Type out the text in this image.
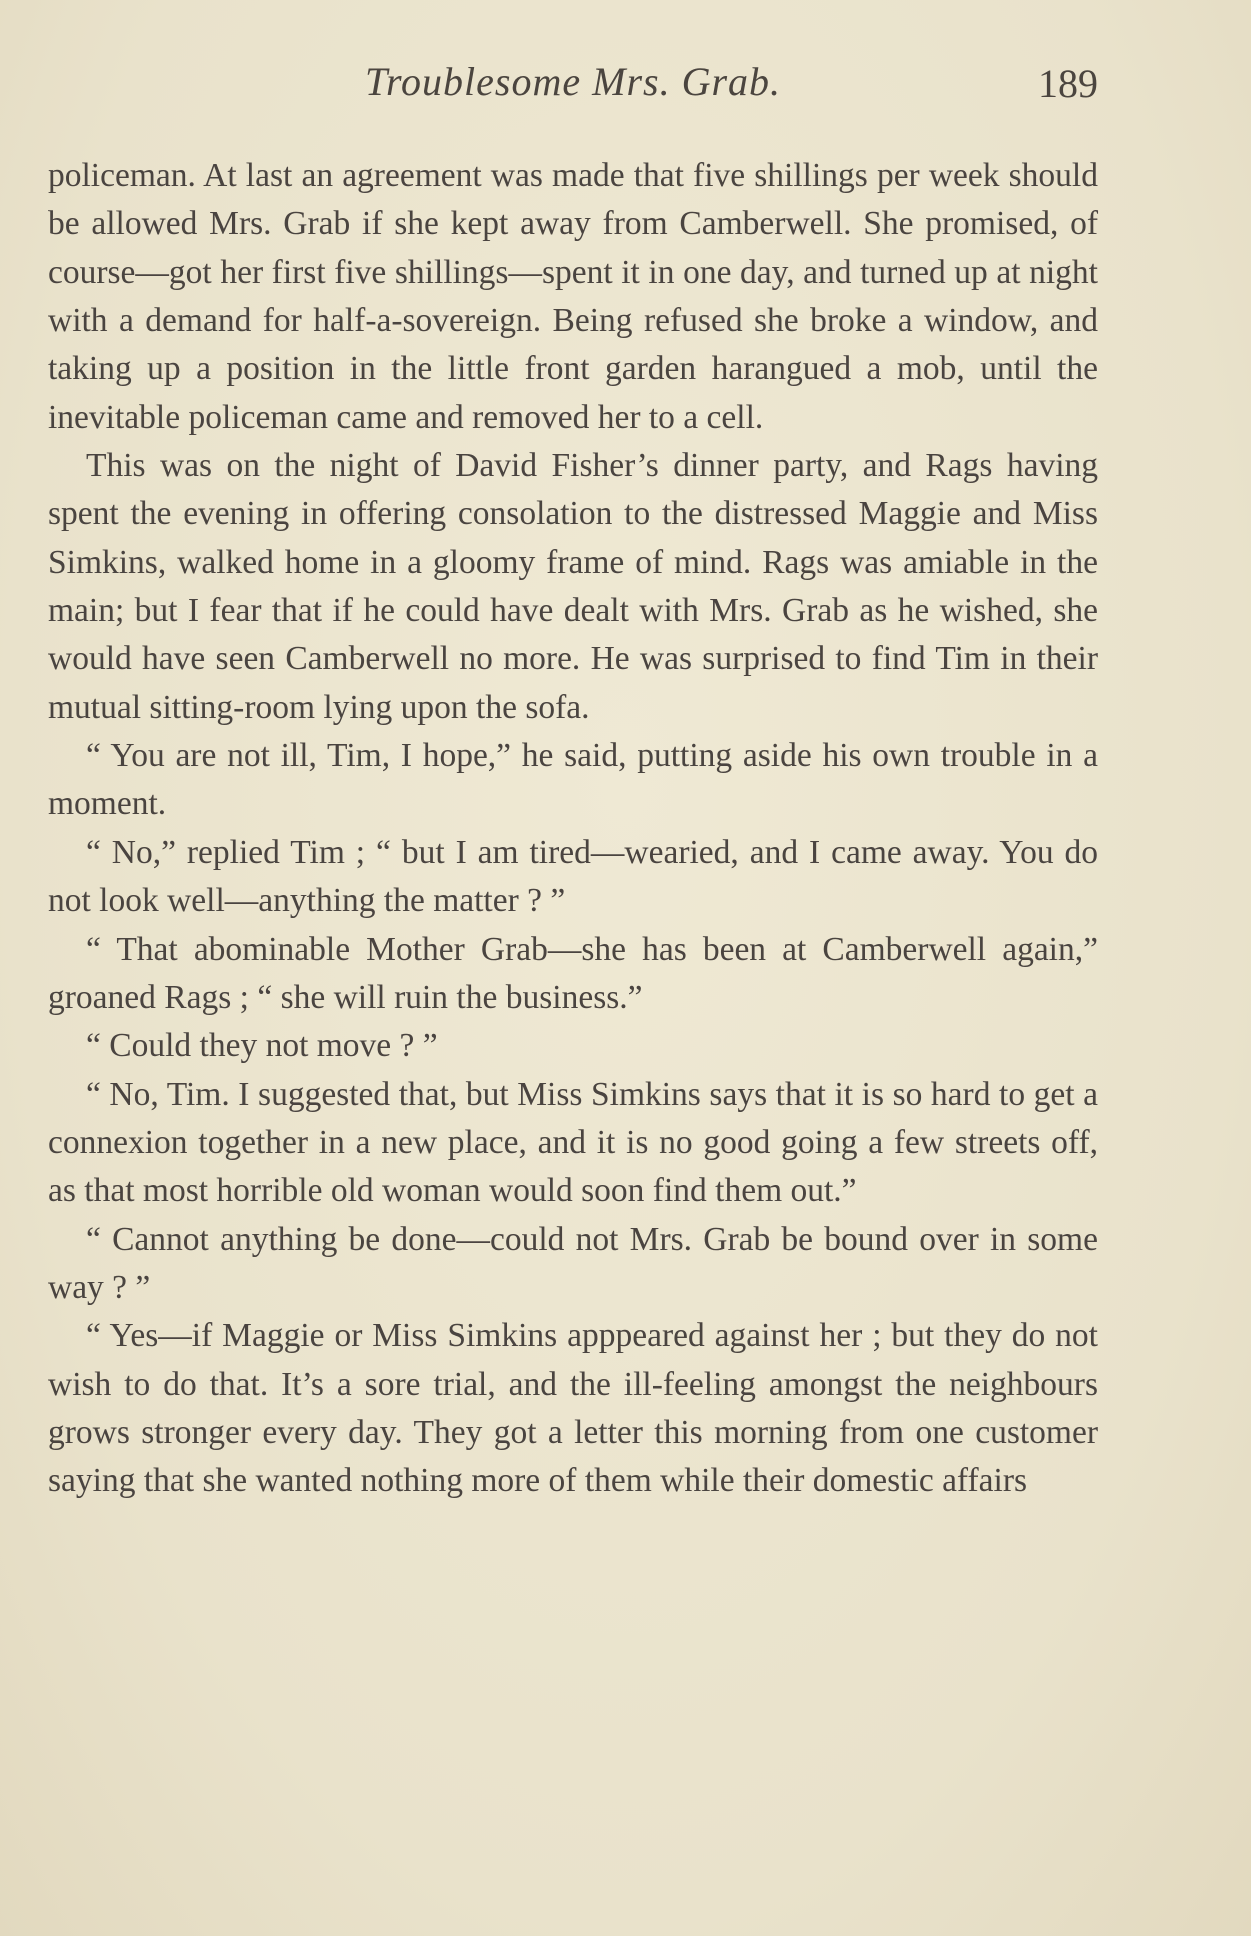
Troublesome Mrs. Grab.	189

policeman. At last an agreement was made that five shillings per week should be allowed Mrs. Grab if she kept away from Camberwell. She promised, of course—got her first five shillings—spent it in one day, and turned up at night with a demand for half-a-sovereign. Being refused she broke a window, and taking up a position in the little front garden harangued a mob, until the inevitable policeman came and removed her to a cell.

This was on the night of David Fisher’s dinner party, and Rags having spent the evening in offering consolation to the distressed Maggie and Miss Simkins, walked home in a gloomy frame of mind. Rags was amiable in the main; but I fear that if he could have dealt with Mrs. Grab as he wished, she would have seen Camberwell no more. He was surprised to find Tim in their mutual sitting-room lying upon the sofa.

“ You are not ill, Tim, I hope,” he said, putting aside his own trouble in a moment.

“ No,” replied Tim ; “ but I am tired—wearied, and I came away. You do not look well—anything the matter ? ”

“ That abominable Mother Grab—she has been at Camberwell again,” groaned Rags ; “ she will ruin the business.”

“ Could they not move ? ”

“ No, Tim. I suggested that, but Miss Simkins says that it is so hard to get a connexion together in a new place, and it is no good going a few streets off, as that most horrible old woman would soon find them out.”

“ Cannot anything be done—could not Mrs. Grab be bound over in some way ? ”

“ Yes—if Maggie or Miss Simkins apppeared against her ; but they do not wish to do that. It’s a sore trial, and the ill-feeling amongst the neighbours grows stronger every day. They got a letter this morning from one customer saying that she wanted nothing more of them while their domestic affairs
